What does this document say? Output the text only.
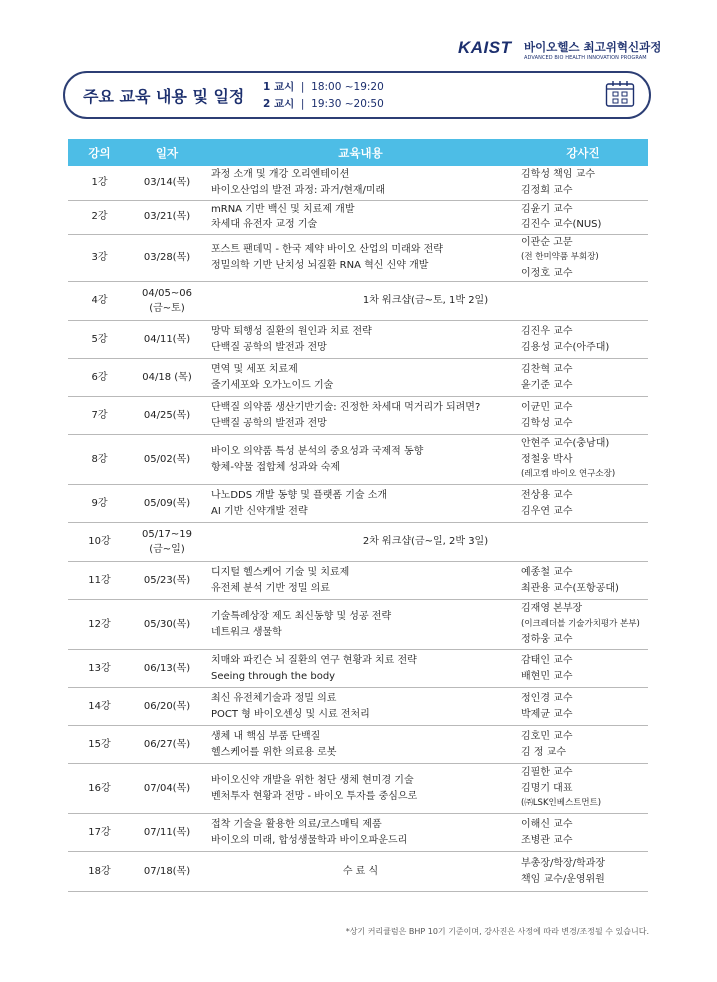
KAIST 바이오헬스 최고위혁신과정
ADVANCED BIO HEALTH INNOVATION PROGRAM
주요 교육 내용 및 일정 1 교시  |  18:00 ~19:20
2 교시  |  19:30 ~20:50
강의	일자	교육내용	강사진
1강	03/14(목)	과정 소개 및 개강 오리엔테이션
바이오산업의 발전 과정: 과거/현재/미래	김학성 책임 교수
김정회 교수

2강	03/21(목)	mRNA 기반 백신 및 치료제 개발
차세대 유전자 교정 기술	김윤기 교수
김진수 교수(NUS)

3강	03/28(목)	포스트 팬데믹 - 한국 제약 바이오 산업의 미래와 전략
정밀의학 기반 난치성 뇌질환 RNA 혁신 신약 개발	이관순 고문
(전 한미약품 부회장)
이정호 교수

4강	04/05~06
(금~토)	1차 워크샵(금~토, 1박 2일)	

5강	04/11(목)	망막 퇴행성 질환의 원인과 치료 전략
단백질 공학의 발전과 전망	김진우 교수
김용성 교수(아주대)

6강	04/18 (목)	면역 및 세포 치료제
줄기세포와 오가노이드 기술	김찬혁 교수
윤기준 교수

7강	04/25(목)	단백질 의약품 생산기반기술: 진정한 차세대 먹거리가 되려면?
단백질 공학의 발전과 전망	이균민 교수
김학성 교수

8강	05/02(목)	바이오 의약품 특성 분석의 중요성과 국제적 동향
항체-약물 접합체 성과와 숙제	안현주 교수(충남대)
정철웅 박사
(레고켐 바이오 연구소장)

9강	05/09(목)	나노DDS 개발 동향 및 플랫폼 기술 소개
AI 기반 신약개발 전략	전상용 교수
김우연 교수

10강	05/17~19
(금~일)	2차 워크샵(금~일, 2박 3일)	

11강	05/23(목)	디지털 헬스케어 기술 및 치료제
유전체 분석 기반 정밀 의료	예종철 교수
최관용 교수(포항공대)

12강	05/30(목)	기술특례상장 제도 최신동향 및 성공 전략
네트워크 생물학	김재영 본부장
(이크레더블 기술가치평가 본부)
정하웅 교수

13강	06/13(목)	치매와 파킨슨 뇌 질환의 연구 현황과 치료 전략
Seeing through the body	감태인 교수
배현민 교수

14강	06/20(목)	최신 유전체기술과 정밀 의료
POCT 형 바이오센싱 및 시료 전처리	정인경 교수
박제균 교수

15강	06/27(목)	생체 내 핵심 부품 단백질
헬스케어를 위한 의료용 로봇	김호민 교수
김 정 교수

16강	07/04(목)	바이오신약 개발을 위한 첨단 생체 현미경 기술
벤처투자 현황과 전망 - 바이오 투자를 중심으로	김필한 교수
김명기 대표
(㈜LSK인베스트먼트)

17강	07/11(목)	접착 기술을 활용한 의료/코스매틱 제품
바이오의 미래, 합성생물학과 바이오파운드리	이해신 교수
조병관 교수

18강	07/18(목)	수 료 식	부총장/학장/학과장
책임 교수/운영위원
*상기 커리큘럼은 BHP 10기 기준이며, 강사진은 사정에 따라 변경/조정될 수 있습니다.
